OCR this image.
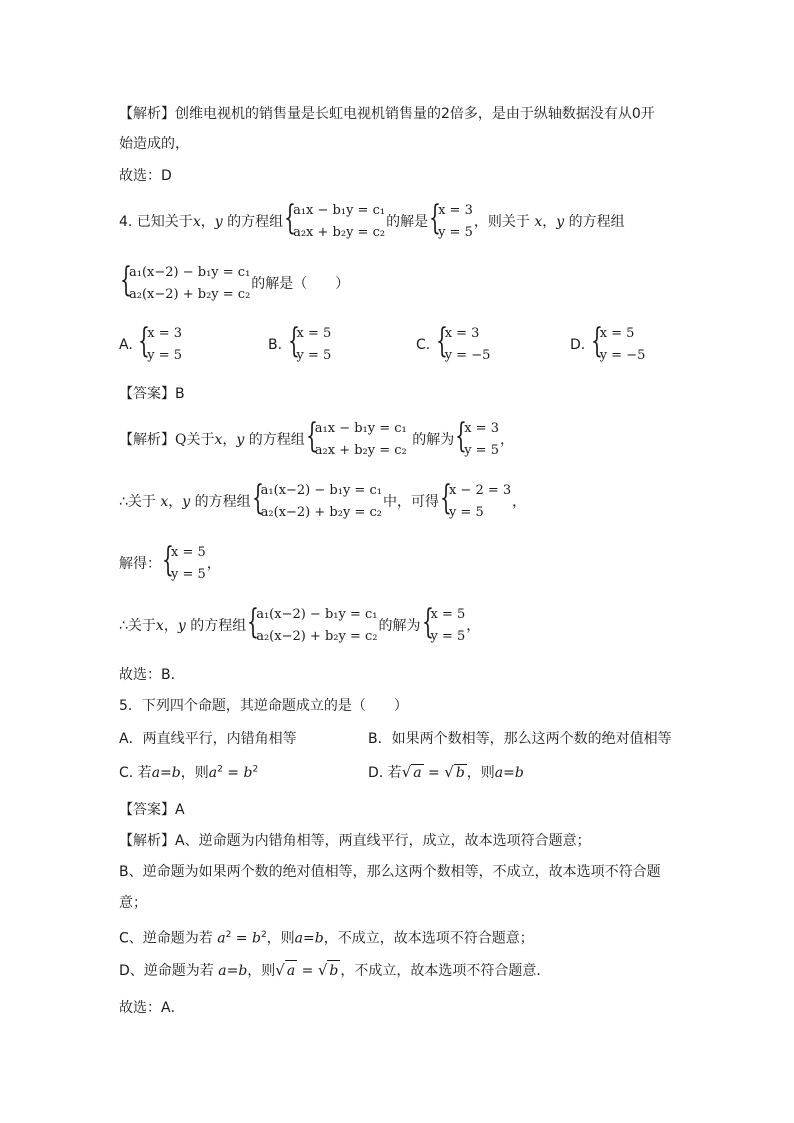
【解析】创维电视机的销售量是长虹电视机销售量的2倍多，是由于纵轴数据没有从0开
始造成的，
故选：D
4. 已知关于x，y 的方程组 {
a₁x − b₁y = c₁
a₂x + b₂y = c₂
的解是 {
x = 3
y = 5
，则关于 x，y 的方程组
{
a₁(x−2) − b₁y = c₁
a₂(x−2) + b₂y = c₂
的解是（　　）
A. {
x = 3
y = 5
B. {
x = 5
y = 5
C. {
x = 3
y = −5
D. {
x = 5
y = −5
【答案】B
【解析】Q关于x，y 的方程组 {
a₁x − b₁y = c₁
a₂x + b₂y = c₂
的解为 {
x = 3
y = 5
，
∴关于 x，y 的方程组 {
a₁(x−2) − b₁y = c₁
a₂(x−2) + b₂y = c₂
中，可得 {
x − 2 = 3
y = 5
，
解得： {
x = 5
y = 5
，
∴关于x，y 的方程组 {
a₁(x−2) − b₁y = c₁
a₂(x−2) + b₂y = c₂
的解为 {
x = 5
y = 5
，
故选：B．
5．下列四个命题，其逆命题成立的是（　　）
A．两直线平行，内错角相等	B．如果两个数相等，那么这两个数的绝对值相等
C. 若a=b，则$a^2 = b^2$	D. 若√ a = √ b ，则a=b
【答案】A
【解析】A、逆命题为内错角相等，两直线平行，成立，故本选项符合题意；
B、逆命题为如果两个数的绝对值相等，那么这两个数相等，不成立，故本选项不符合题
意；
C、逆命题为若 $a^2 = b^2$，则a=b，不成立，故本选项不符合题意；
D、逆命题为若 a=b，则√ a = √ b ，不成立，故本选项不符合题意．
故选：A．
